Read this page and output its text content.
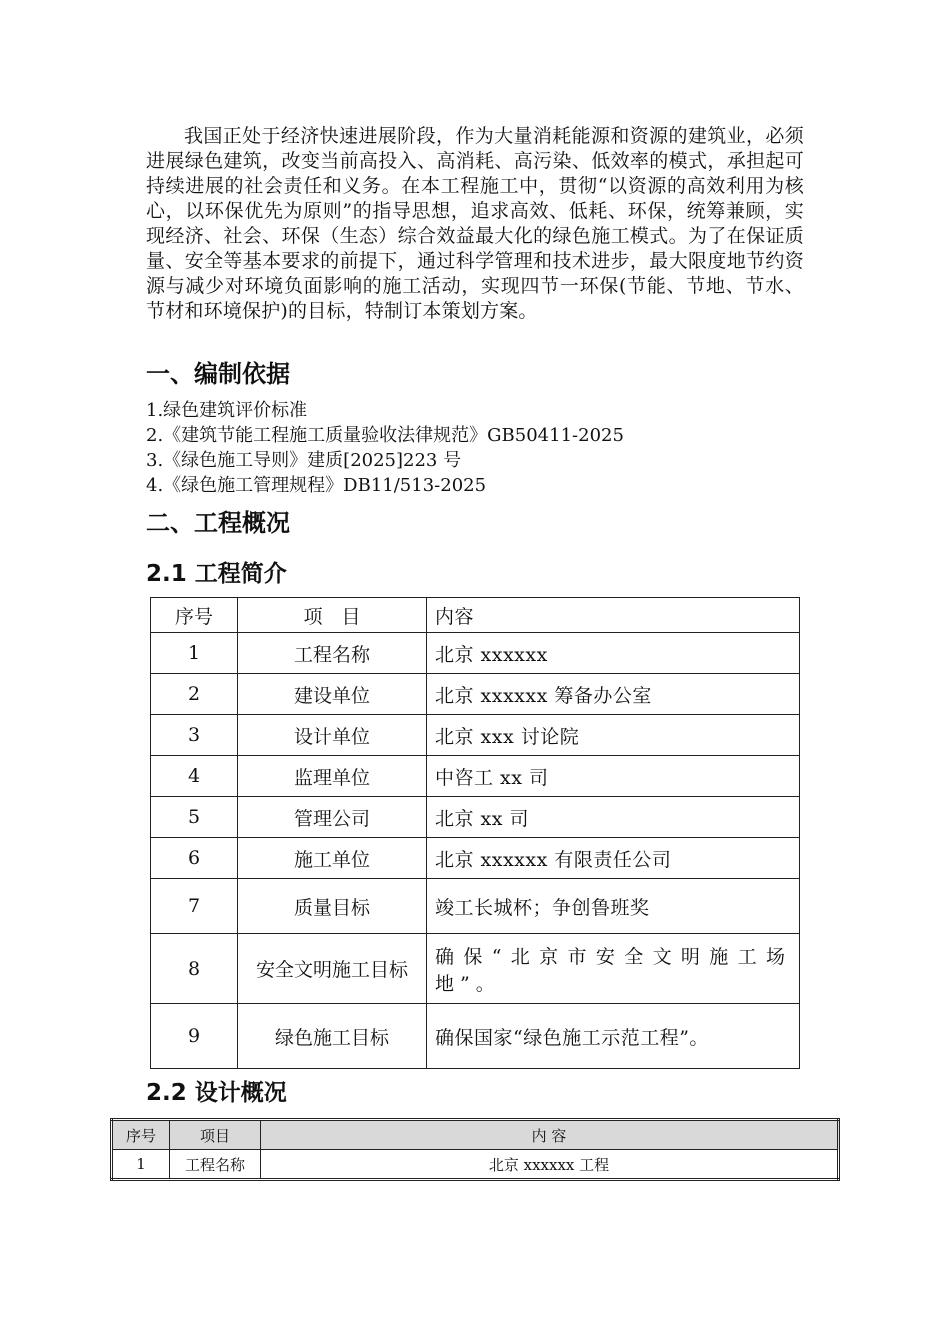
我国正处于经济快速进展阶段，作为大量消耗能源和资源的建筑业，必须进展绿色建筑，改变当前高投入、高消耗、高污染、低效率的模式，承担起可持续进展的社会责任和义务。在本工程施工中，贯彻“以资源的高效利用为核心，以环保优先为原则”的指导思想，追求高效、低耗、环保，统筹兼顾，实现经济、社会、环保（生态）综合效益最大化的绿色施工模式。为了在保证质量、安全等基本要求的前提下，通过科学管理和技术进步，最大限度地节约资源与减少对环境负面影响的施工活动，实现四节一环保(节能、节地、节水、节材和环境保护)的目标，特制订本策划方案。

一、编制依据
1.绿色建筑评价标准
2.《建筑节能工程施工质量验收法律规范》GB50411-2025
3.《绿色施工导则》建质[2025]223 号
4.《绿色施工管理规程》DB11/513-2025
二、工程概况
2.1 工程简介
序号	项　目	内容
1	工程名称	北京 xxxxxx
2	建设单位	北京 xxxxxx 筹备办公室
3	设计单位	北京 xxx 讨论院
4	监理单位	中咨工 xx 司
5	管理公司	北京 xx 司
6	施工单位	北京 xxxxxx 有限责任公司
7	质量目标	竣工长城杯；争创鲁班奖
8	安全文明施工目标	确保“北京市安全文明施工场地”。
9	绿色施工目标	确保国家“绿色施工示范工程”。
2.2 设计概况
序号	项目	内 容
1	工程名称	北京 xxxxxx 工程
